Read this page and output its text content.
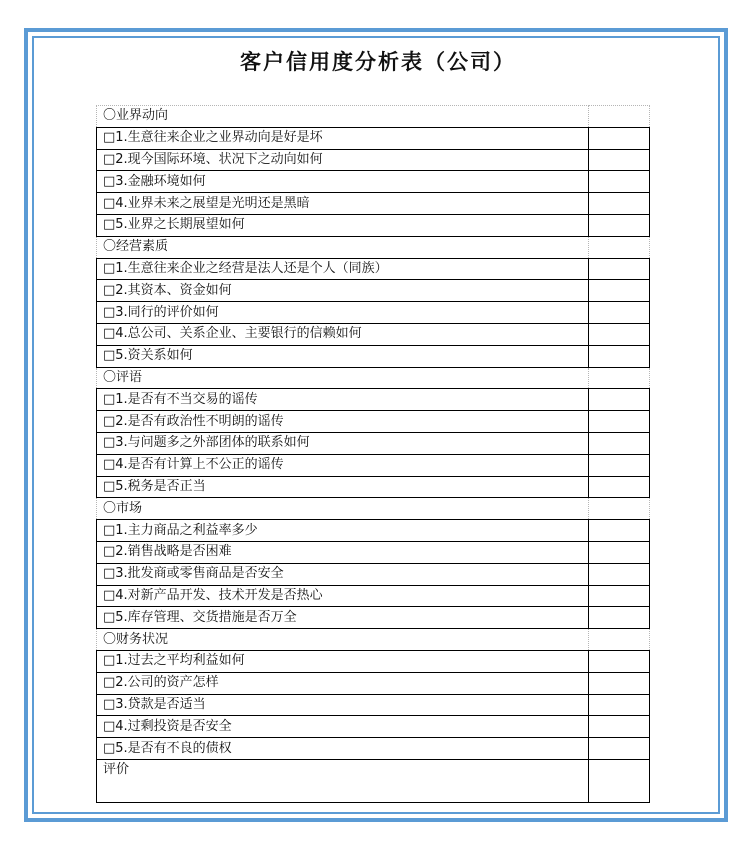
客户信用度分析表（公司）
〇业界动向	
□1.生意往来企业之业界动向是好是坏	
□2.现今国际环境、状况下之动向如何	
□3.金融环境如何	
□4.业界未来之展望是光明还是黑暗	
□5.业界之长期展望如何	
〇经营素质	
□1.生意往来企业之经营是法人还是个人（同族）	
□2.其资本、资金如何	
□3.同行的评价如何	
□4.总公司、关系企业、主要银行的信赖如何	
□5.资关系如何	
〇评语	
□1.是否有不当交易的谣传	
□2.是否有政治性不明朗的谣传	
□3.与问题多之外部团体的联系如何	
□4.是否有计算上不公正的谣传	
□5.税务是否正当	
〇市场	
□1.主力商品之利益率多少	
□2.销售战略是否困难	
□3.批发商或零售商品是否安全	
□4.对新产品开发、技术开发是否热心	
□5.库存管理、交货措施是否万全	
〇财务状况	
□1.过去之平均利益如何	
□2.公司的资产怎样	
□3.贷款是否适当	
□4.过剩投资是否安全	
□5.是否有不良的债权	
评价	
